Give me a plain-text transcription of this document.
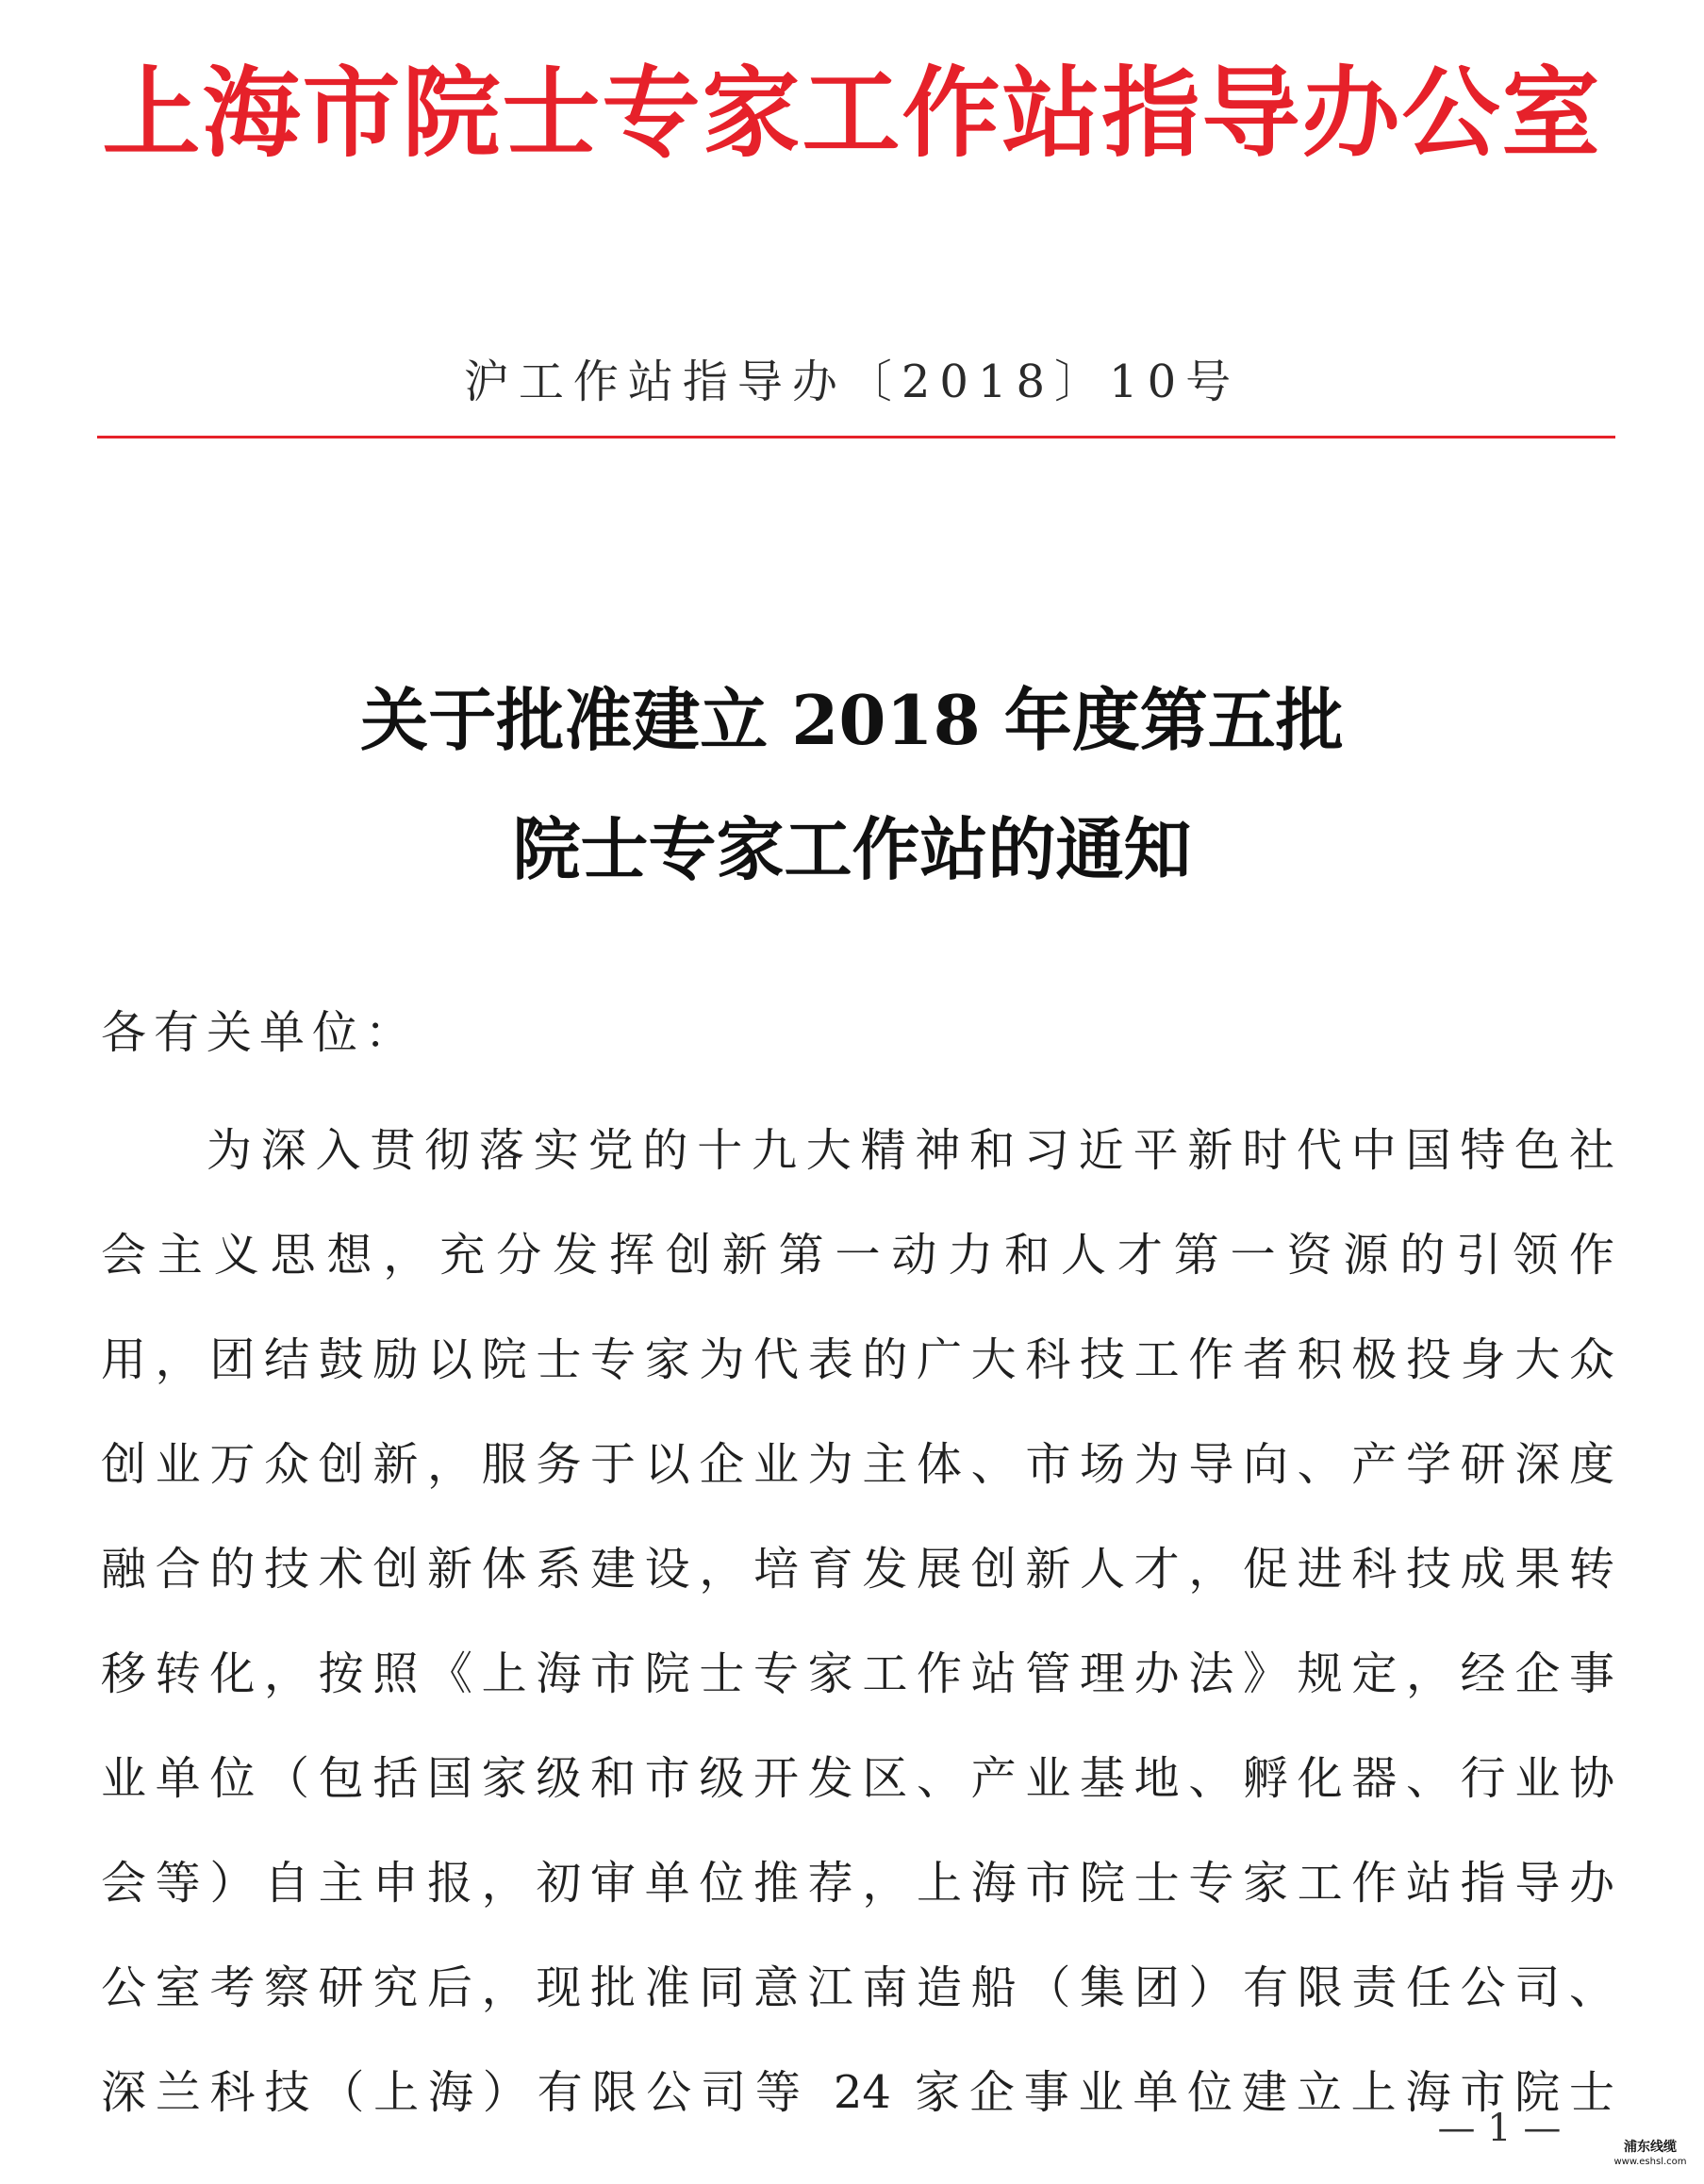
上海市院士专家工作站指导办公室
沪工作站指导办〔2018〕10号
关于批准建立 2018 年度第五批
院士专家工作站的通知
各有关单位：
为深入贯彻落实党的十九大精神和习近平新时代中国特色社
会主义思想，充分发挥创新第一动力和人才第一资源的引领作
用，团结鼓励以院士专家为代表的广大科技工作者积极投身大众
创业万众创新，服务于以企业为主体、市场为导向、产学研深度
融合的技术创新体系建设，培育发展创新人才，促进科技成果转
移转化，按照《上海市院士专家工作站管理办法》规定，经企事
业单位（包括国家级和市级开发区、产业基地、孵化器、行业协
会等）自主申报，初审单位推荐，上海市院士专家工作站指导办
公室考察研究后，现批准同意江南造船（集团）有限责任公司、
深兰科技（上海）有限公司等 24 家企事业单位建立上海市院士
— 1 —	浦东线缆
www.eshsl.com
